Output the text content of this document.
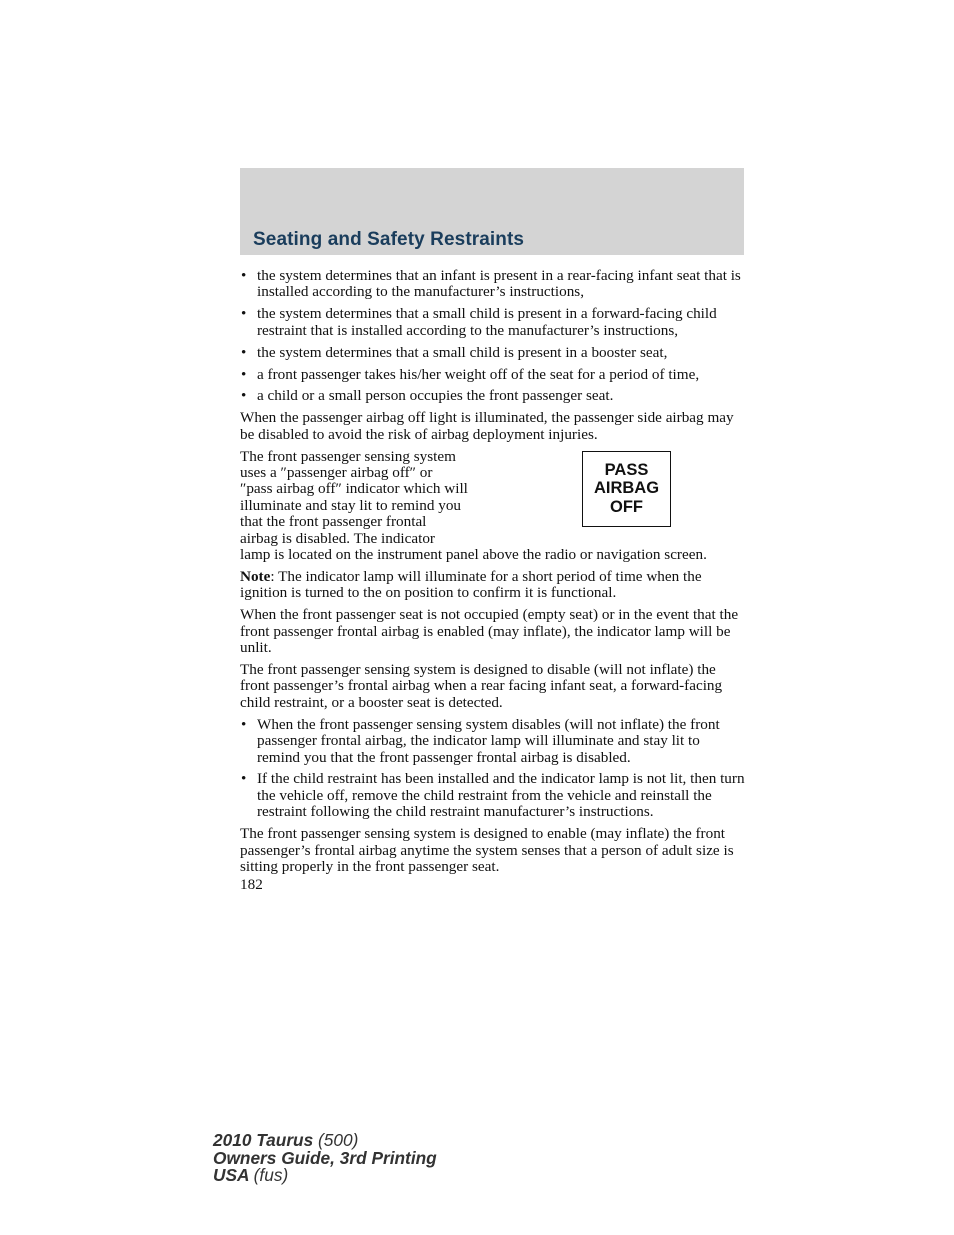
Seating and Safety Restraints
• the system determines that an infant is present in a rear-facing infant seat that is installed according to the manufacturer’s instructions,
• the system determines that a small child is present in a forward-facing child restraint that is installed according to the manufacturer’s instructions,
• the system determines that a small child is present in a booster seat,
• a front passenger takes his/her weight off of the seat for a period of time,
• a child or a small person occupies the front passenger seat.

When the passenger airbag off light is illuminated, the passenger side airbag may be disabled to avoid the risk of airbag deployment injuries.

PASS
AIRBAG
OFF

The front passenger sensing system
uses a ″passenger airbag off″ or
″pass airbag off″ indicator which will
illuminate and stay lit to remind you
that the front passenger frontal
airbag is disabled. The indicator
lamp is located on the instrument panel above the radio or navigation screen.

Note: The indicator lamp will illuminate for a short period of time when the ignition is turned to the on position to confirm it is functional.

When the front passenger seat is not occupied (empty seat) or in the event that the front passenger frontal airbag is enabled (may inflate), the indicator lamp will be unlit.

The front passenger sensing system is designed to disable (will not inflate) the front passenger’s frontal airbag when a rear facing infant seat, a forward-facing child restraint, or a booster seat is detected.

• When the front passenger sensing system disables (will not inflate) the front passenger frontal airbag, the indicator lamp will illuminate and stay lit to remind you that the front passenger frontal airbag is disabled.
• If the child restraint has been installed and the indicator lamp is not lit, then turn the vehicle off, remove the child restraint from the vehicle and reinstall the restraint following the child restraint manufacturer’s instructions.

The front passenger sensing system is designed to enable (may inflate) the front passenger’s frontal airbag anytime the system senses that a person of adult size is sitting properly in the front passenger seat.

182
2010 Taurus (500)
Owners Guide, 3rd Printing
USA (fus)
